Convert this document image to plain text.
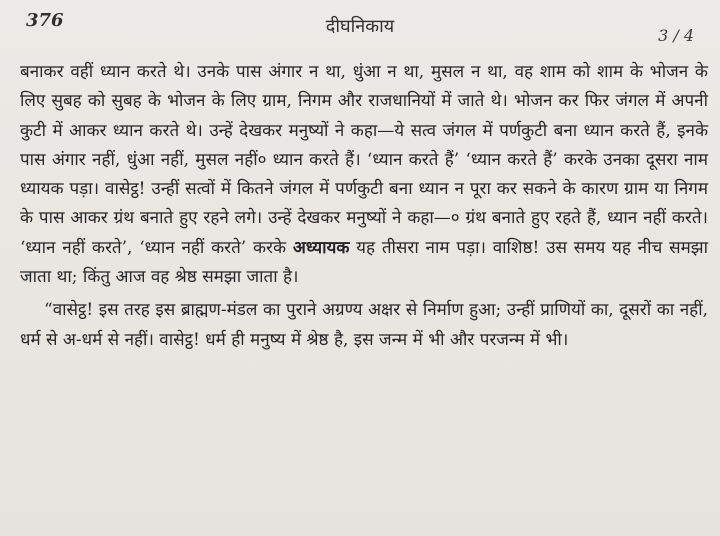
376	दीघनिकाय	3 / 4

बनाकर वहीं ध्यान करते थे। उनके पास अंगार न था, धुंआ न था, मुसल न था, वह शाम को शाम के भोजन के लिए सुबह को सुबह के भोजन के लिए ग्राम, निगम और राजधानियों में जाते थे। भोजन कर फिर जंगल में अपनी कुटी में आकर ध्यान करते थे। उन्हें देखकर मनुष्यों ने कहा—ये सत्व जंगल में पर्णकुटी बना ध्यान करते हैं, इनके पास अंगार नहीं, धुंआ नहीं, मुसल नहीं० ध्यान करते हैं। ‘ध्यान करते हैं’ ‘ध्यान करते हैं’ करके उनका दूसरा नाम ध्यायक पड़ा। वासेट्ठ! उन्हीं सत्वों में कितने जंगल में पर्णकुटी बना ध्यान न पूरा कर सकने के कारण ग्राम या निगम के पास आकर ग्रंथ बनाते हुए रहने लगे। उन्हें देखकर मनुष्यों ने कहा—० ग्रंथ बनाते हुए रहते हैं, ध्यान नहीं करते। ‘ध्यान नहीं करते’, ‘ध्यान नहीं करते’ करके अध्यायक यह तीसरा नाम पड़ा। वाशिष्ठ! उस समय यह नीच समझा जाता था; किंतु आज वह श्रेष्ठ समझा जाता है।

“वासेट्ठ! इस तरह इस ब्राह्मण-मंडल का पुराने अग्रण्य अक्षर से निर्माण हुआ; उन्हीं प्राणियों का, दूसरों का नहीं, धर्म से अ-धर्म से नहीं। वासेट्ठ! धर्म ही मनुष्य में श्रेष्ठ है, इस जन्म में भी और परजन्म में भी।
